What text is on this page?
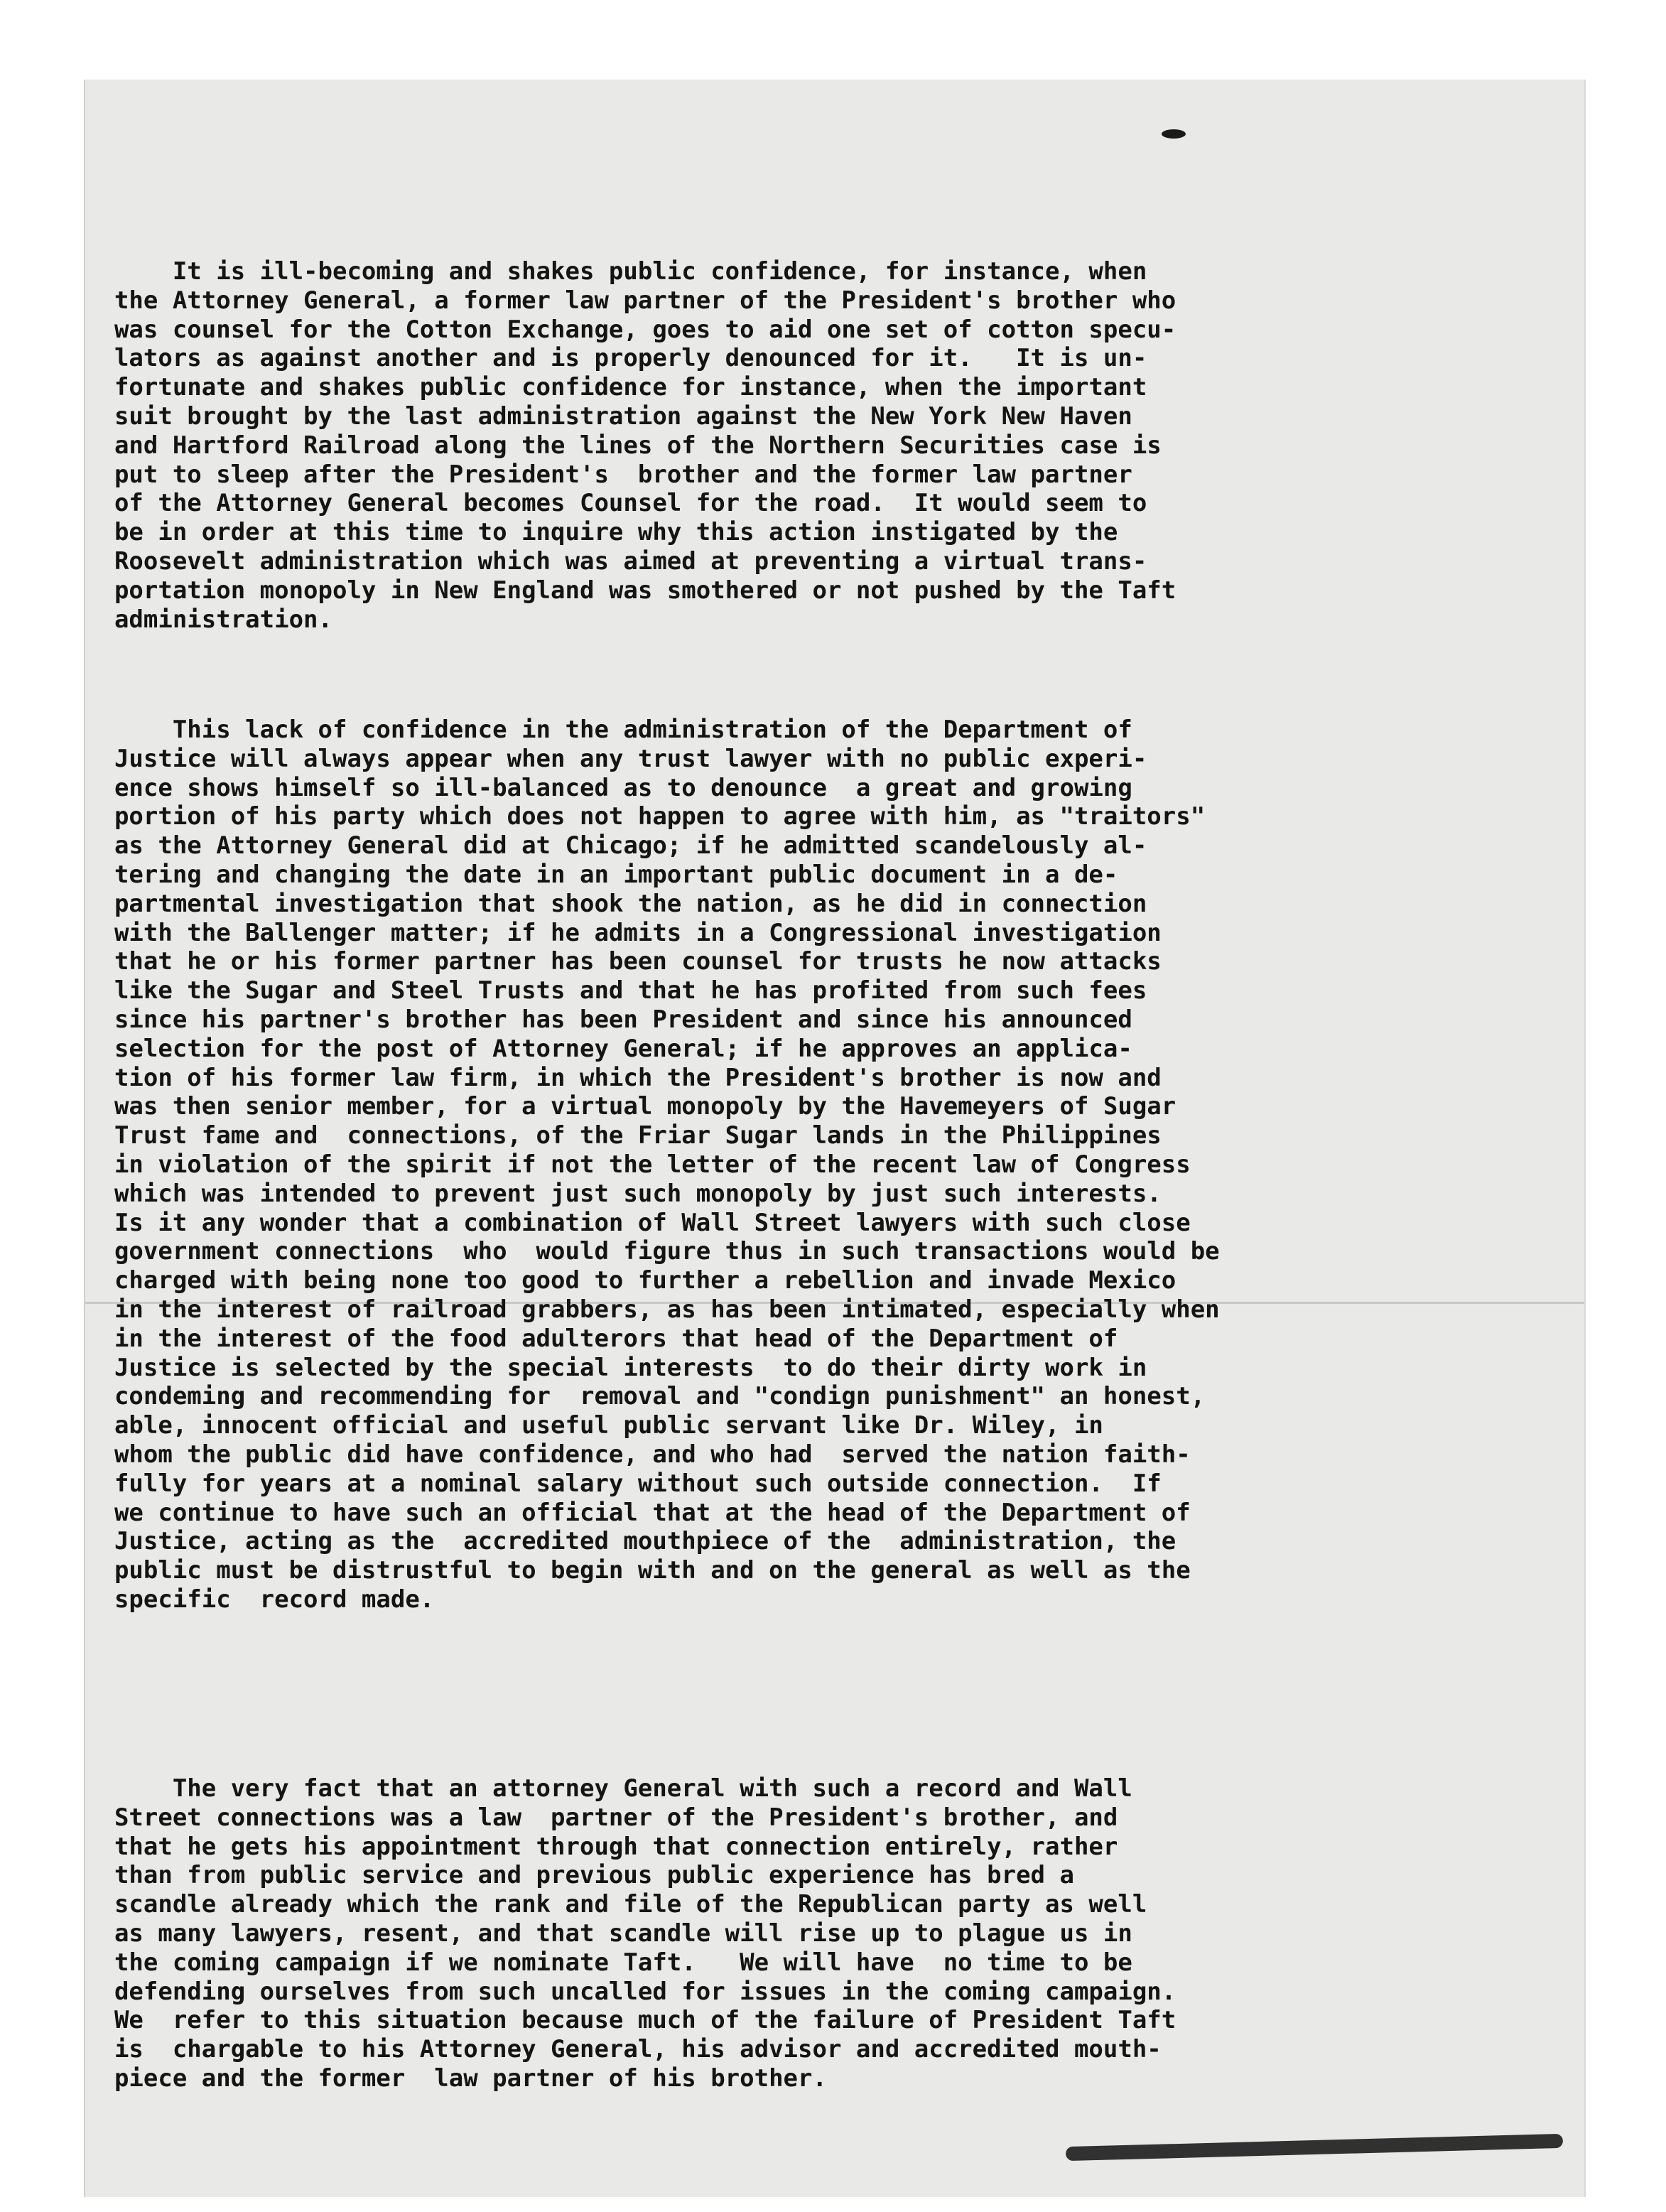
It is ill-becoming and shakes public confidence, for instance, when
the Attorney General, a former law partner of the President's brother who
was counsel for the Cotton Exchange, goes to aid one set of cotton specu-
lators as against another and is properly denounced for it.   It is un-
fortunate and shakes public confidence for instance, when the important
suit brought by the last administration against the New York New Haven
and Hartford Railroad along the lines of the Northern Securities case is
put to sleep after the President's  brother and the former law partner
of the Attorney General becomes Counsel for the road.  It would seem to
be in order at this time to inquire why this action instigated by the
Roosevelt administration which was aimed at preventing a virtual trans-
portation monopoly in New England was smothered or not pushed by the Taft
administration.
This lack of confidence in the administration of the Department of
Justice will always appear when any trust lawyer with no public experi-
ence shows himself so ill-balanced as to denounce  a great and growing
portion of his party which does not happen to agree with him, as "traitors"
as the Attorney General did at Chicago; if he admitted scandelously al-
tering and changing the date in an important public document in a de-
partmental investigation that shook the nation, as he did in connection
with the Ballenger matter; if he admits in a Congressional investigation
that he or his former partner has been counsel for trusts he now attacks
like the Sugar and Steel Trusts and that he has profited from such fees
since his partner's brother has been President and since his announced
selection for the post of Attorney General; if he approves an applica-
tion of his former law firm, in which the President's brother is now and
was then senior member, for a virtual monopoly by the Havemeyers of Sugar
Trust fame and  connections, of the Friar Sugar lands in the Philippines
in violation of the spirit if not the letter of the recent law of Congress
which was intended to prevent just such monopoly by just such interests.
Is it any wonder that a combination of Wall Street lawyers with such close
government connections  who  would figure thus in such transactions would be
charged with being none too good to further a rebellion and invade Mexico
in the interest of railroad grabbers, as has been intimated, especially when
in the interest of the food adulterors that head of the Department of
Justice is selected by the special interests  to do their dirty work in
condeming and recommending for  removal and "condign punishment" an honest,
able, innocent official and useful public servant like Dr. Wiley, in
whom the public did have confidence, and who had  served the nation faith-
fully for years at a nominal salary without such outside connection.  If
we continue to have such an official that at the head of the Department of
Justice, acting as the  accredited mouthpiece of the  administration, the
public must be distrustful to begin with and on the general as well as the
specific  record made.
The very fact that an attorney General with such a record and Wall
Street connections was a law  partner of the President's brother, and
that he gets his appointment through that connection entirely, rather
than from public service and previous public experience has bred a
scandle already which the rank and file of the Republican party as well
as many lawyers, resent, and that scandle will rise up to plague us in
the coming campaign if we nominate Taft.   We will have  no time to be
defending ourselves from such uncalled for issues in the coming campaign.
We  refer to this situation because much of the failure of President Taft
is  chargable to his Attorney General, his advisor and accredited mouth-
piece and the former  law partner of his brother.
